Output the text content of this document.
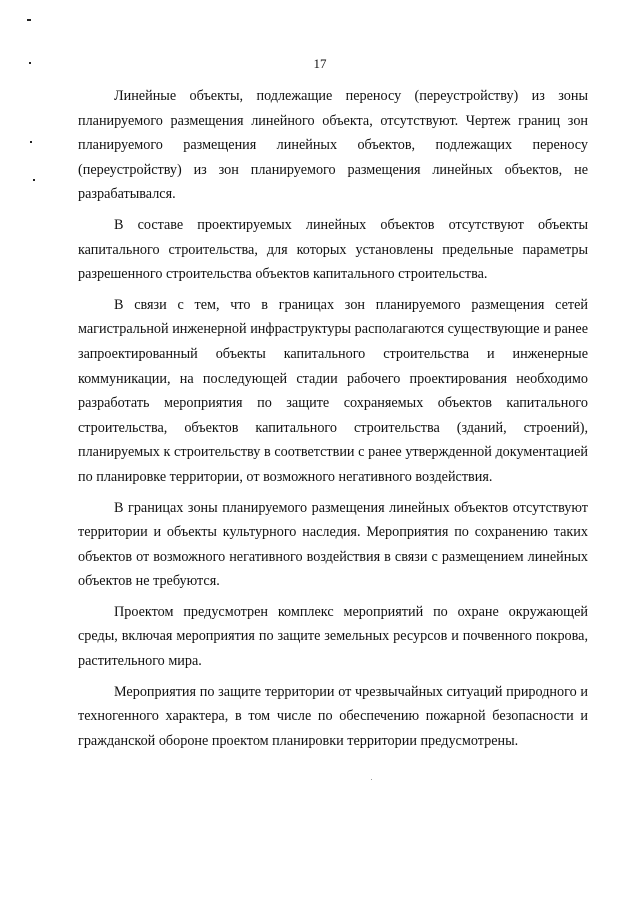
17

Линейные объекты, подлежащие переносу (переустройству) из зоны планируемого размещения линейного объекта, отсутствуют. Чертеж границ зон планируемого размещения линейных объектов, подлежащих переносу (переустройству) из зон планируемого размещения линейных объектов, не разрабатывался.

В составе проектируемых линейных объектов отсутствуют объекты капитального строительства, для которых установлены предельные параметры разрешенного строительства объектов капитального строительства.

В связи с тем, что в границах зон планируемого размещения сетей магистральной инженерной инфраструктуры располагаются существующие и ранее запроектированный объекты капитального строительства и инженерные коммуникации, на последующей стадии рабочего проектирования необходимо разработать мероприятия по защите сохраняемых объектов капитального строительства, объектов капитального строительства (зданий, строений), планируемых к строительству в соответствии с ранее утвержденной документацией по планировке территории, от возможного негативного воздействия.

В границах зоны планируемого размещения линейных объектов отсутствуют территории и объекты культурного наследия. Мероприятия по сохранению таких объектов от возможного негативного воздействия в связи с размещением линейных объектов не требуются.

Проектом предусмотрен комплекс мероприятий по охране окружающей среды, включая мероприятия по защите земельных ресурсов и почвенного покрова, растительного мира.

Мероприятия по защите территории от чрезвычайных ситуаций природного и техногенного характера, в том числе по обеспечению пожарной безопасности и гражданской обороне проектом планировки территории предусмотрены.
